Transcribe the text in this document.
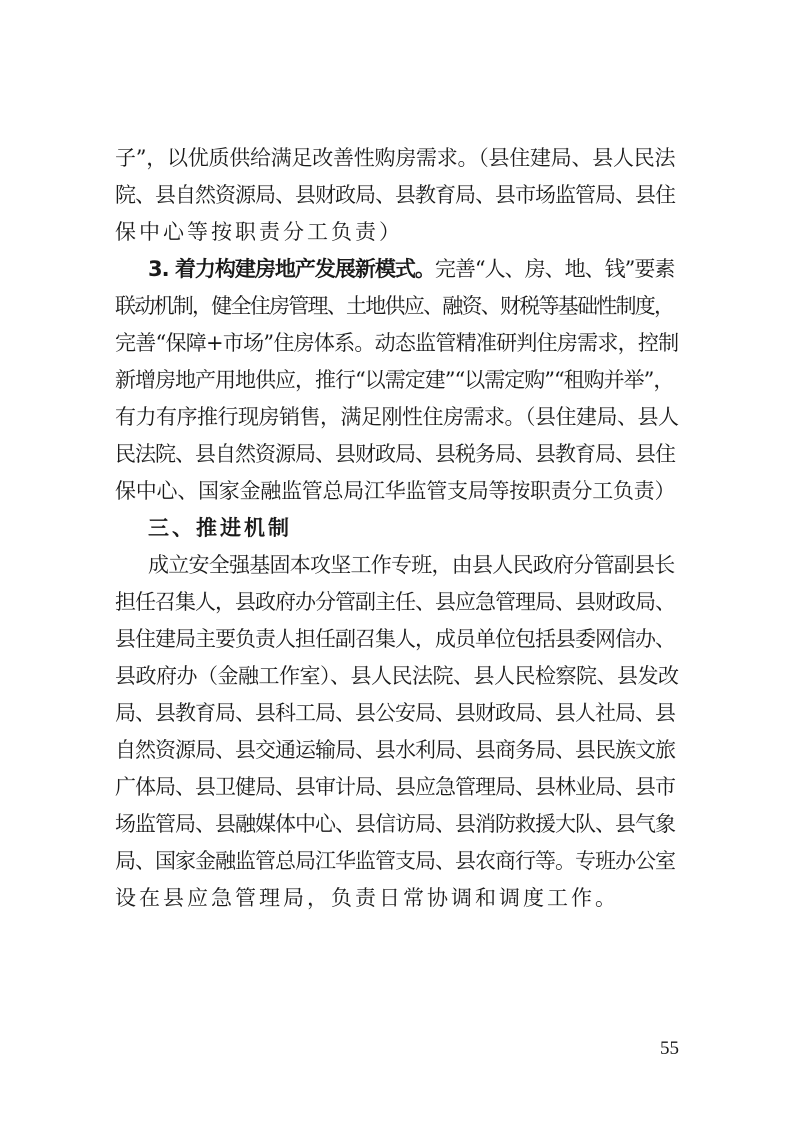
子”，以优质供给满足改善性购房需求。（县住建局、县人民法
院、县自然资源局、县财政局、县教育局、县市场监管局、县住
保中心等按职责分工负责）
3. 着力构建房地产发展新模式。完善“人、房、地、钱”要素
联动机制，健全住房管理、土地供应、融资、财税等基础性制度，
完善“保障+市场”住房体系。动态监管精准研判住房需求，控制
新增房地产用地供应，推行“以需定建”“以需定购”“租购并举”，
有力有序推行现房销售，满足刚性住房需求。（县住建局、县人
民法院、县自然资源局、县财政局、县税务局、县教育局、县住
保中心、国家金融监管总局江华监管支局等按职责分工负责）
三、推进机制
成立安全强基固本攻坚工作专班，由县人民政府分管副县长
担任召集人，县政府办分管副主任、县应急管理局、县财政局、
县住建局主要负责人担任副召集人，成员单位包括县委网信办、
县政府办（金融工作室）、县人民法院、县人民检察院、县发改
局、县教育局、县科工局、县公安局、县财政局、县人社局、县
自然资源局、县交通运输局、县水利局、县商务局、县民族文旅
广体局、县卫健局、县审计局、县应急管理局、县林业局、县市
场监管局、县融媒体中心、县信访局、县消防救援大队、县气象
局、国家金融监管总局江华监管支局、县农商行等。专班办公室
设在县应急管理局，负责日常协调和调度工作。
55
